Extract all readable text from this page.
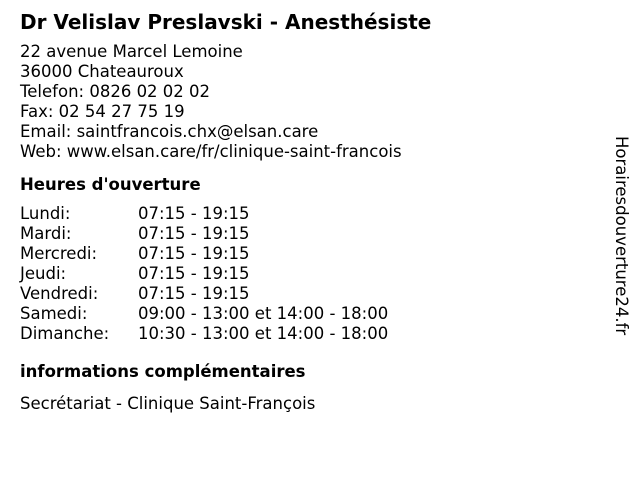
Dr Velislav Preslavski - Anesthésiste
22 avenue Marcel Lemoine
36000 Chateauroux
Telefon: 0826 02 02 02
Fax: 02 54 27 75 19
Email: saintfrancois.chx@elsan.care
Web: www.elsan.care/fr/clinique-saint-francois
Heures d'ouverture
Lundi:	07:15 - 19:15
Mardi:	07:15 - 19:15
Mercredi:	07:15 - 19:15
Jeudi:	07:15 - 19:15
Vendredi:	07:15 - 19:15
Samedi:	09:00 - 13:00 et 14:00 - 18:00
Dimanche:	10:30 - 13:00 et 14:00 - 18:00
informations complémentaires
Secrétariat - Clinique Saint-François
Horairesdouverture24.fr
